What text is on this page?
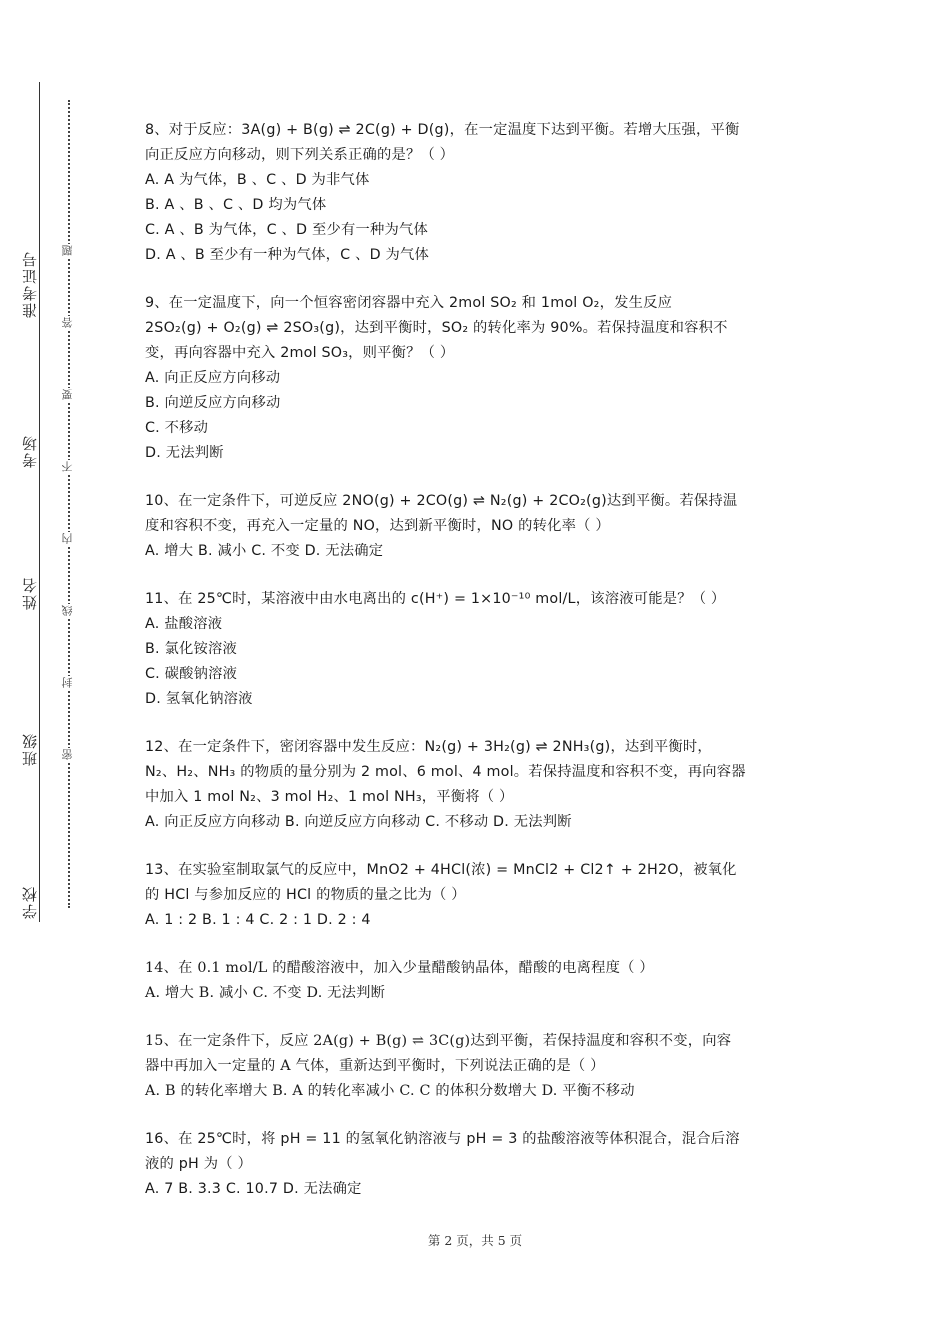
准考证号
考场
姓名
班级
学校
题
答
要
不
内
线
封
密
8、对于反应：3A(g) + B(g) ⇌ 2C(g) + D(g)，在一定温度下达到平衡。若增大压强，平衡
向正反应方向移动，则下列关系正确的是？（ ）
A. A 为气体，B 、C 、D 为非气体
B. A 、B 、C 、D 均为气体
C. A 、B 为气体，C 、D 至少有一种为气体
D. A 、B 至少有一种为气体，C 、D 为气体
9、在一定温度下，向一个恒容密闭容器中充入 2mol SO₂ 和 1mol O₂，发生反应
2SO₂(g) + O₂(g) ⇌ 2SO₃(g)，达到平衡时，SO₂ 的转化率为 90%。若保持温度和容积不
变，再向容器中充入 2mol SO₃，则平衡？（ ）
A. 向正反应方向移动
B. 向逆反应方向移动
C. 不移动
D. 无法判断
10、在一定条件下，可逆反应 2NO(g) + 2CO(g) ⇌ N₂(g) + 2CO₂(g)达到平衡。若保持温
度和容积不变，再充入一定量的 NO，达到新平衡时，NO 的转化率（ ）
A. 增大 B. 减小 C. 不变 D. 无法确定
11、在 25℃时，某溶液中由水电离出的 c(H⁺) = 1×10⁻¹⁰ mol/L，该溶液可能是？（ ）
A. 盐酸溶液
B. 氯化铵溶液
C. 碳酸钠溶液
D. 氢氧化钠溶液
12、在一定条件下，密闭容器中发生反应：N₂(g) + 3H₂(g) ⇌ 2NH₃(g)，达到平衡时，
N₂、H₂、NH₃ 的物质的量分别为 2 mol、6 mol、4 mol。若保持温度和容积不变，再向容器
中加入 1 mol N₂、3 mol H₂、1 mol NH₃，平衡将（ ）
A. 向正反应方向移动 B. 向逆反应方向移动 C. 不移动 D. 无法判断
13、在实验室制取氯气的反应中，MnO2 + 4HCl(浓) = MnCl2 + Cl2↑ + 2H2O，被氧化
的 HCl 与参加反应的 HCl 的物质的量之比为（ ）
A. 1 : 2 B. 1 : 4 C. 2 : 1 D. 2 : 4
14、在 0.1 mol/L 的醋酸溶液中，加入少量醋酸钠晶体，醋酸的电离程度（ ）
A. 增大 B. 减小 C. 不变 D. 无法判断
15、在一定条件下，反应 2A(g) + B(g) ⇌ 3C(g)达到平衡，若保持温度和容积不变，向容
器中再加入一定量的 A 气体，重新达到平衡时，下列说法正确的是（ ）
A. B 的转化率增大 B. A 的转化率减小 C. C 的体积分数增大 D. 平衡不移动
16、在 25℃时，将 pH = 11 的氢氧化钠溶液与 pH = 3 的盐酸溶液等体积混合，混合后溶
液的 pH 为（ ）
A. 7 B. 3.3 C. 10.7 D. 无法确定
第 2 页，共 5 页
